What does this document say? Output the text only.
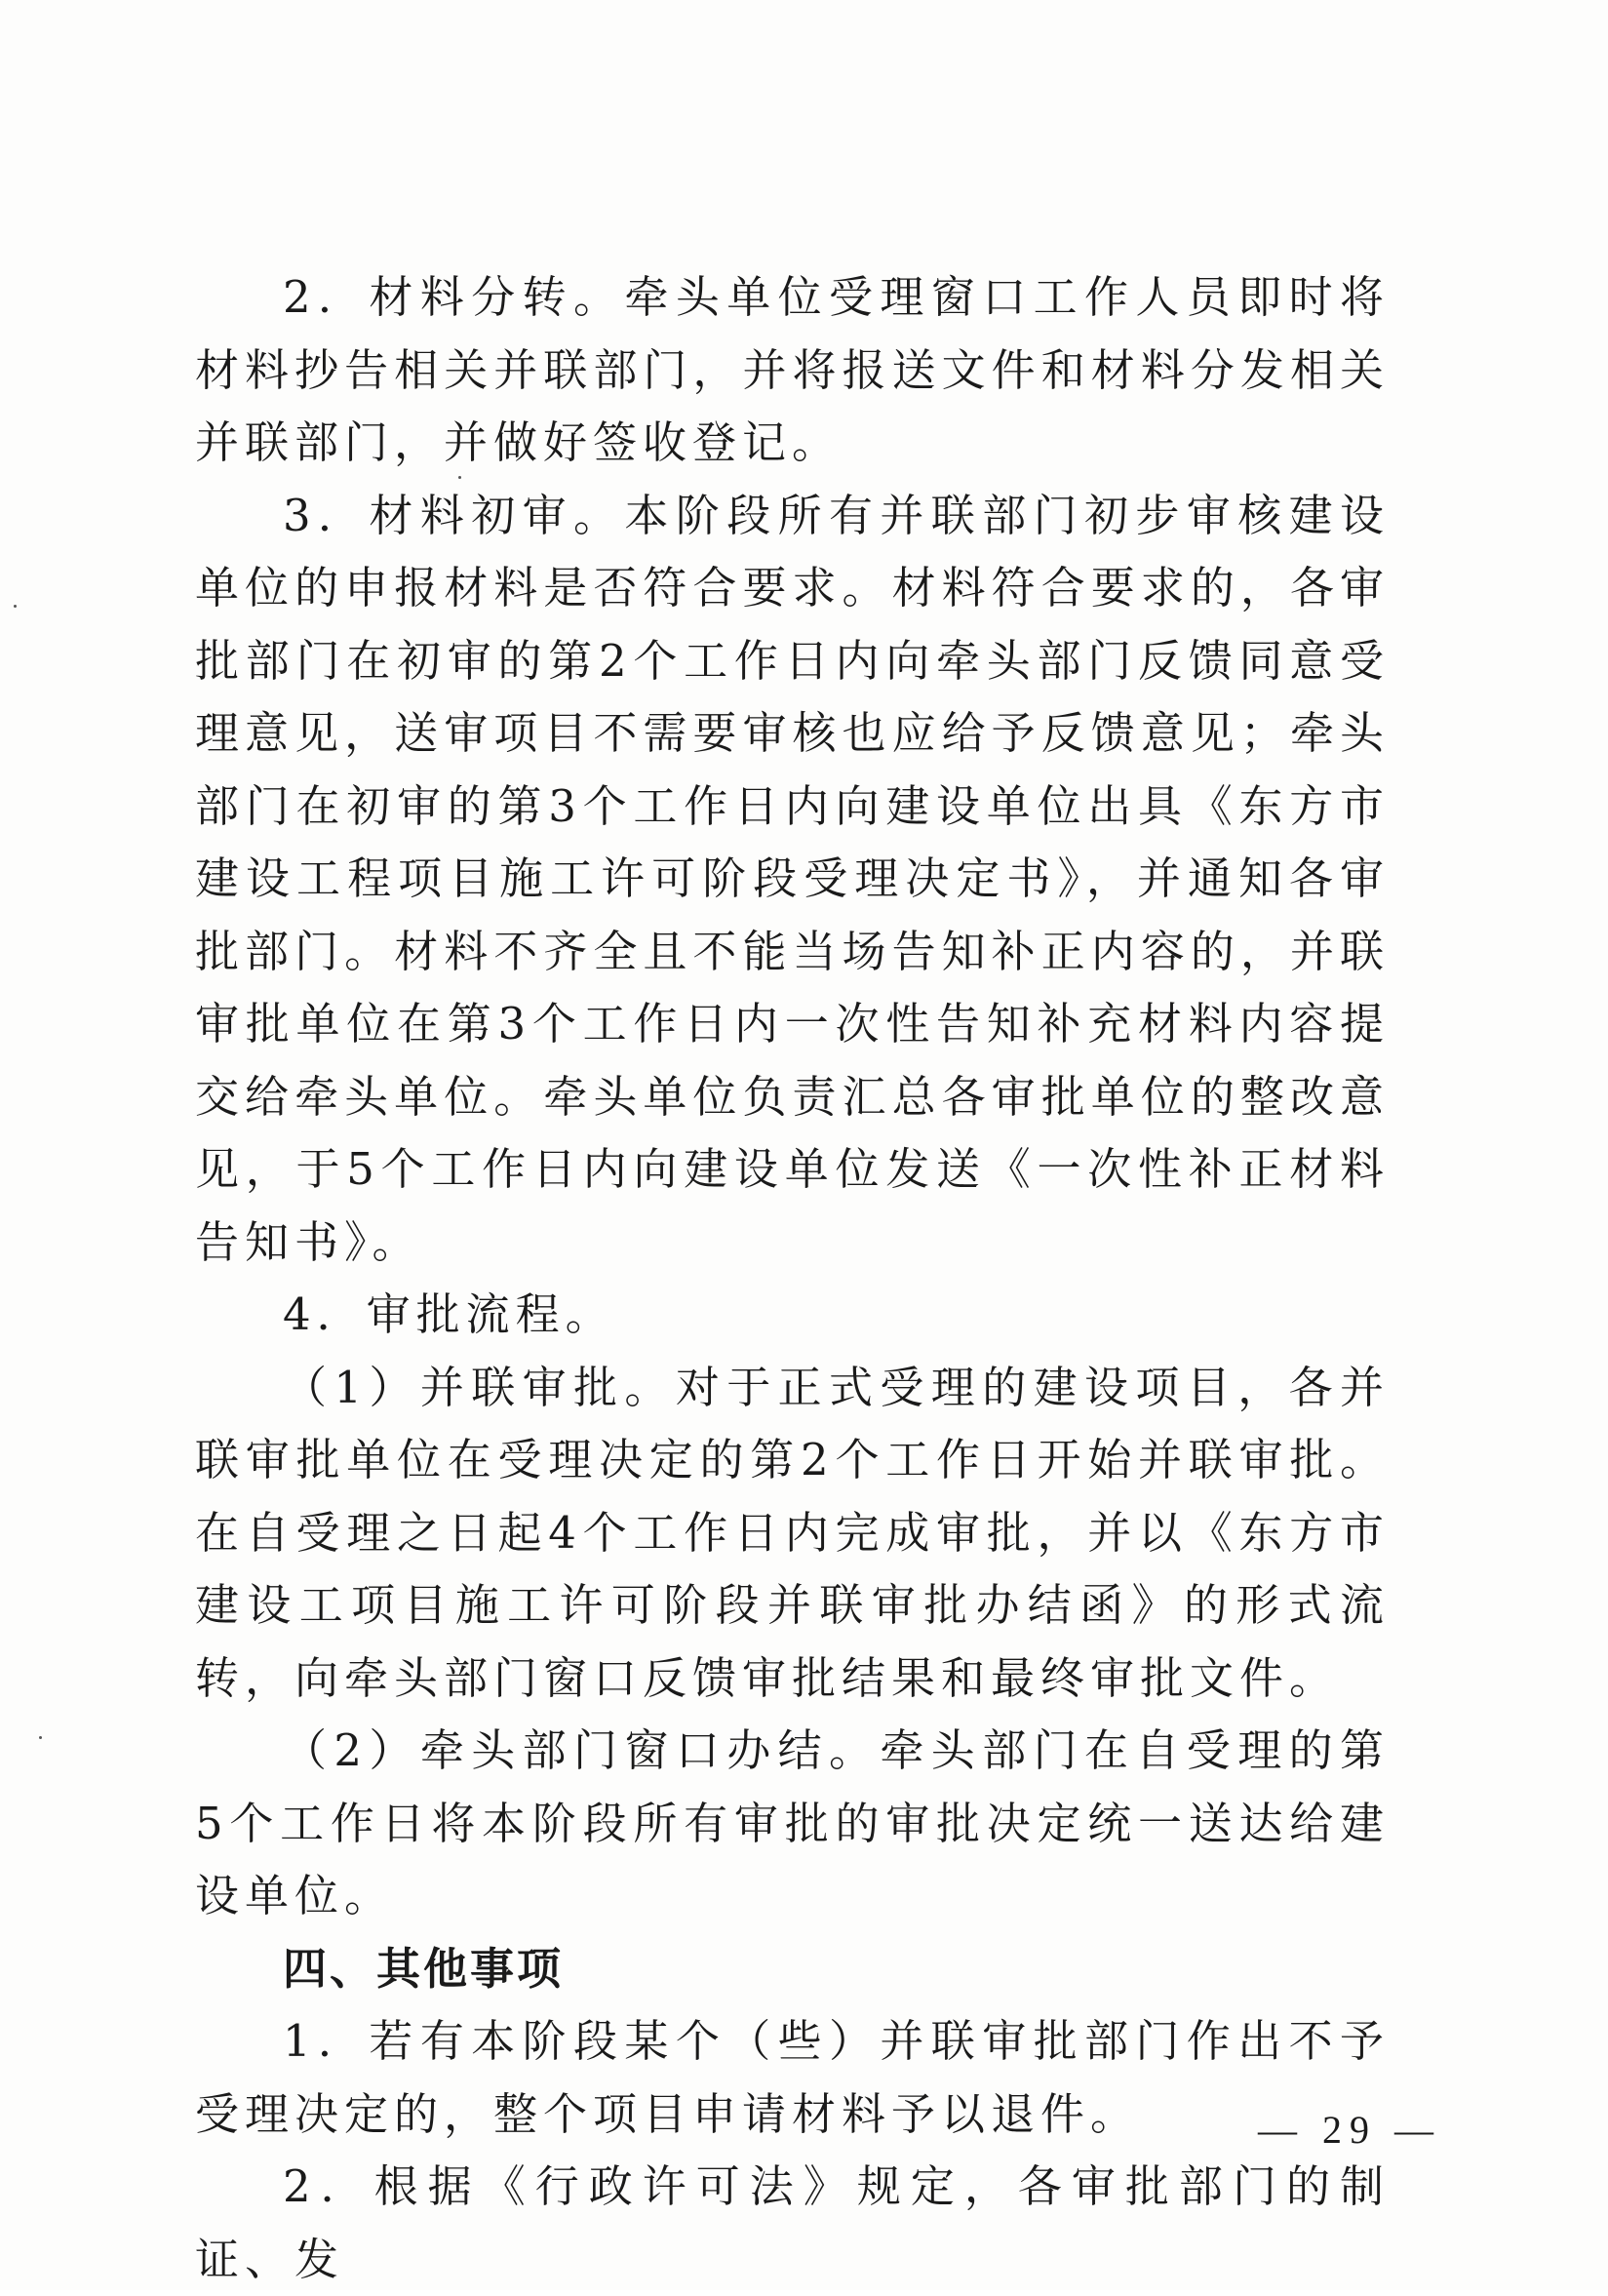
2．材料分转。牵头单位受理窗口工作人员即时将材料抄告相关并联部门，并将报送文件和材料分发相关并联部门，并做好签收登记。

3．材料初审。本阶段所有并联部门初步审核建设单位的申报材料是否符合要求。材料符合要求的，各审批部门在初审的第2个工作日内向牵头部门反馈同意受理意见，送审项目不需要审核也应给予反馈意见；牵头部门在初审的第3个工作日内向建设单位出具《东方市建设工程项目施工许可阶段受理决定书》，并通知各审批部门。材料不齐全且不能当场告知补正内容的，并联审批单位在第3个工作日内一次性告知补充材料内容提交给牵头单位。牵头单位负责汇总各审批单位的整改意见，于5个工作日内向建设单位发送《一次性补正材料告知书》。

4．审批流程。

（1）并联审批。对于正式受理的建设项目，各并联审批单位在受理决定的第2个工作日开始并联审批。在自受理之日起4个工作日内完成审批，并以《东方市建设工项目施工许可阶段并联审批办结函》的形式流转，向牵头部门窗口反馈审批结果和最终审批文件。

（2）牵头部门窗口办结。牵头部门在自受理的第5个工作日将本阶段所有审批的审批决定统一送达给建设单位。

四、其他事项

1．若有本阶段某个（些）并联审批部门作出不予受理决定的，整个项目申请材料予以退件。

2．根据《行政许可法》规定，各审批部门的制证、发

— 29 —
